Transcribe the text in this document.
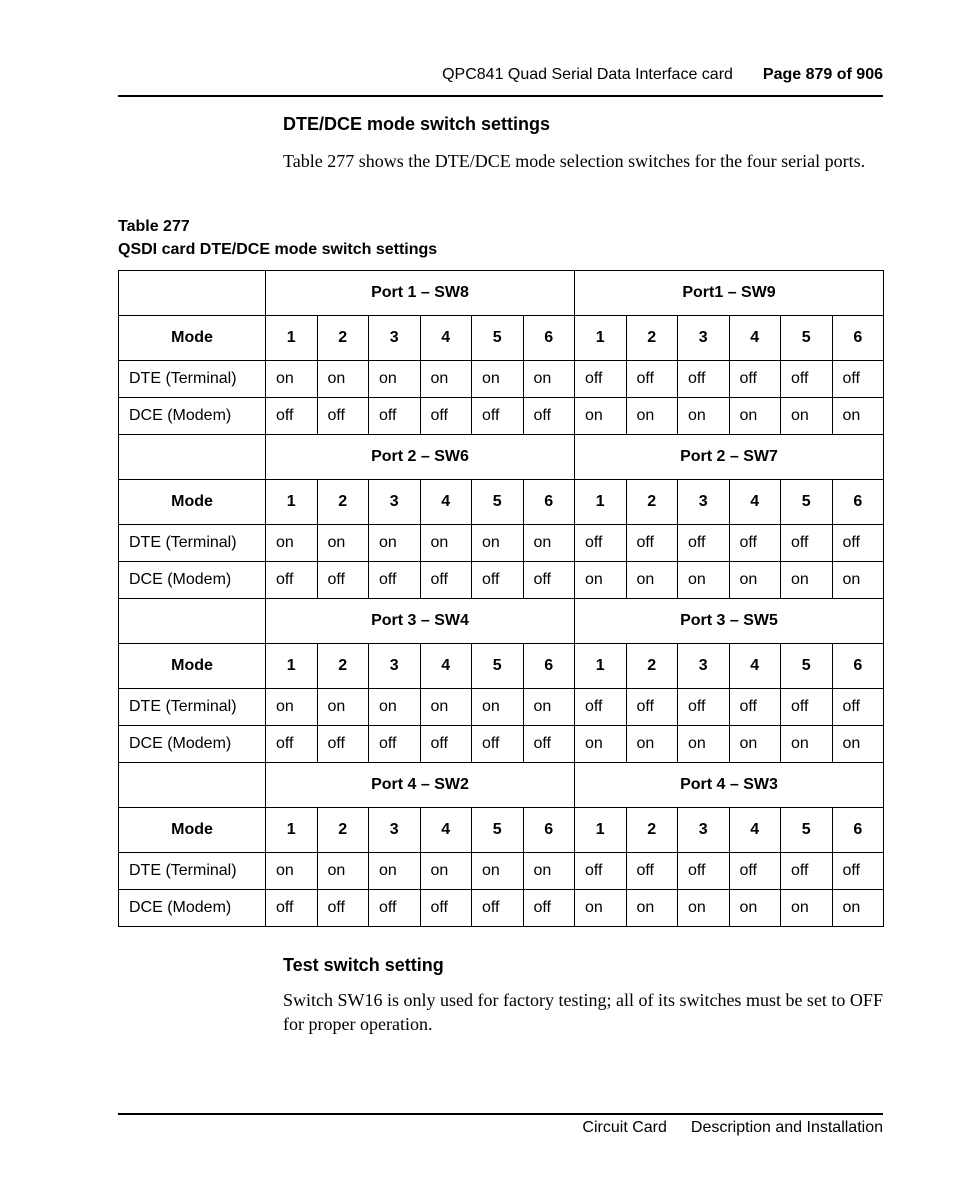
QPC841 Quad Serial Data Interface card Page 879 of 906
DTE/DCE mode switch settings
Table 277 shows the DTE/DCE mode selection switches for the four serial ports.
Table 277
QSDI card DTE/DCE mode switch settings
	Port 1 – SW8						Port1 – SW9					
Mode	1	2	3	4	5	6	1	2	3	4	5	6
DTE (Terminal)	on	on	on	on	on	on	off	off	off	off	off	off
DCE (Modem)	off	off	off	off	off	off	on	on	on	on	on	on
	Port 2 – SW6						Port 2 – SW7					
Mode	1	2	3	4	5	6	1	2	3	4	5	6
DTE (Terminal)	on	on	on	on	on	on	off	off	off	off	off	off
DCE (Modem)	off	off	off	off	off	off	on	on	on	on	on	on
	Port 3 – SW4						Port 3 – SW5					
Mode	1	2	3	4	5	6	1	2	3	4	5	6
DTE (Terminal)	on	on	on	on	on	on	off	off	off	off	off	off
DCE (Modem)	off	off	off	off	off	off	on	on	on	on	on	on
	Port 4 – SW2						Port 4 – SW3					
Mode	1	2	3	4	5	6	1	2	3	4	5	6
DTE (Terminal)	on	on	on	on	on	on	off	off	off	off	off	off
DCE (Modem)	off	off	off	off	off	off	on	on	on	on	on	on
Test switch setting
Switch SW16 is only used for factory testing; all of its switches must be set to OFF for proper operation.
Circuit Card Description and Installation
